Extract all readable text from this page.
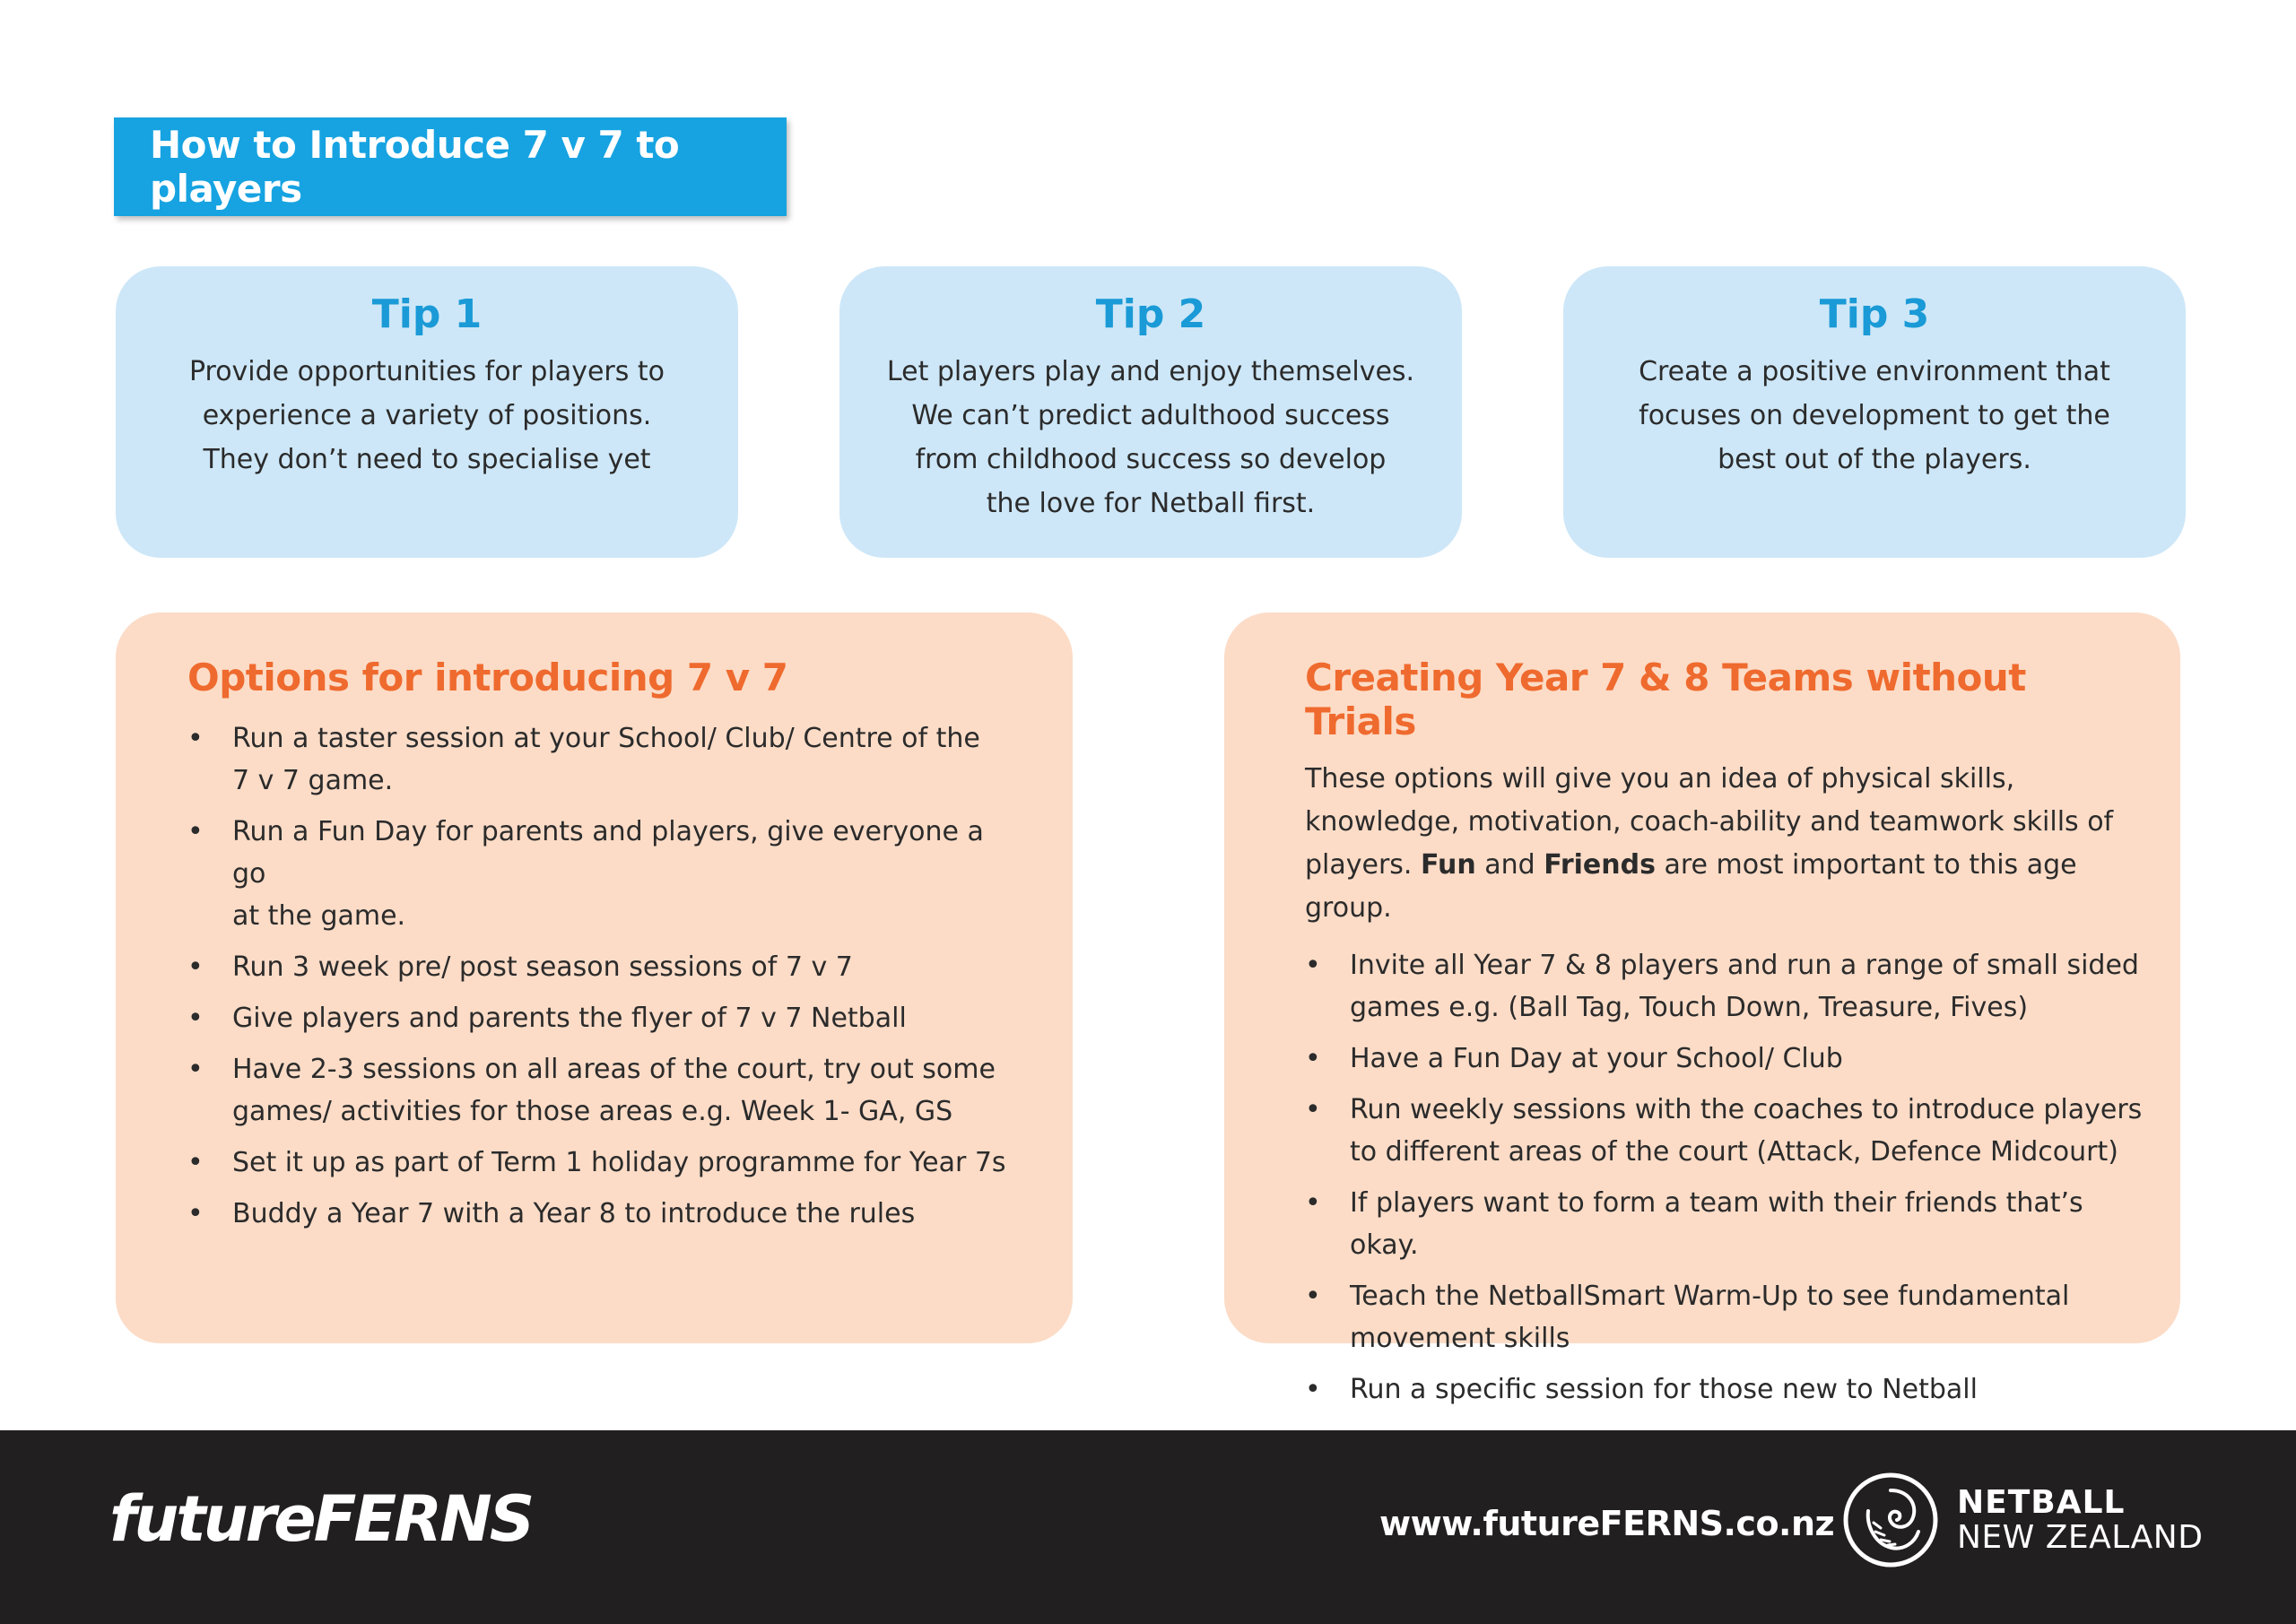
How to Introduce 7 v 7 to players
Tip 1

Provide opportunities for players to
experience a variety of positions.
They don’t need to specialise yet

Tip 2

Let players play and enjoy themselves.
We can’t predict adulthood success
from childhood success so develop
the love for Netball first.

Tip 3

Create a positive environment that
focuses on development to get the
best out of the players.

Options for introducing 7 v 7
• Run a taster session at your School/ Club/ Centre of the
7 v 7 game.
• Run a Fun Day for parents and players, give everyone a go
at the game.
• Run 3 week pre/ post season sessions of 7 v 7
• Give players and parents the flyer of 7 v 7 Netball
• Have 2-3 sessions on all areas of the court, try out some
games/ activities for those areas e.g. Week 1- GA, GS
• Set it up as part of Term 1 holiday programme for Year 7s
• Buddy a Year 7 with a Year 8 to introduce the rules
Creating Year 7 & 8 Teams without Trials

These options will give you an idea of physical skills,
knowledge, motivation, coach-ability and teamwork skills of
players. Fun and Friends are most important to this age group.

• Invite all Year 7 & 8 players and run a range of small sided
games e.g. (Ball Tag, Touch Down, Treasure, Fives)
• Have a Fun Day at your School/ Club
• Run weekly sessions with the coaches to introduce players
to different areas of the court (Attack, Defence Midcourt)
• If players want to form a team with their friends that’s okay.
• Teach the NetballSmart Warm-Up to see fundamental
movement skills
• Run a specific session for those new to Netball
futureFERNS	www.futureFERNS.co.nz
NETBALL
NEW ZEALAND
